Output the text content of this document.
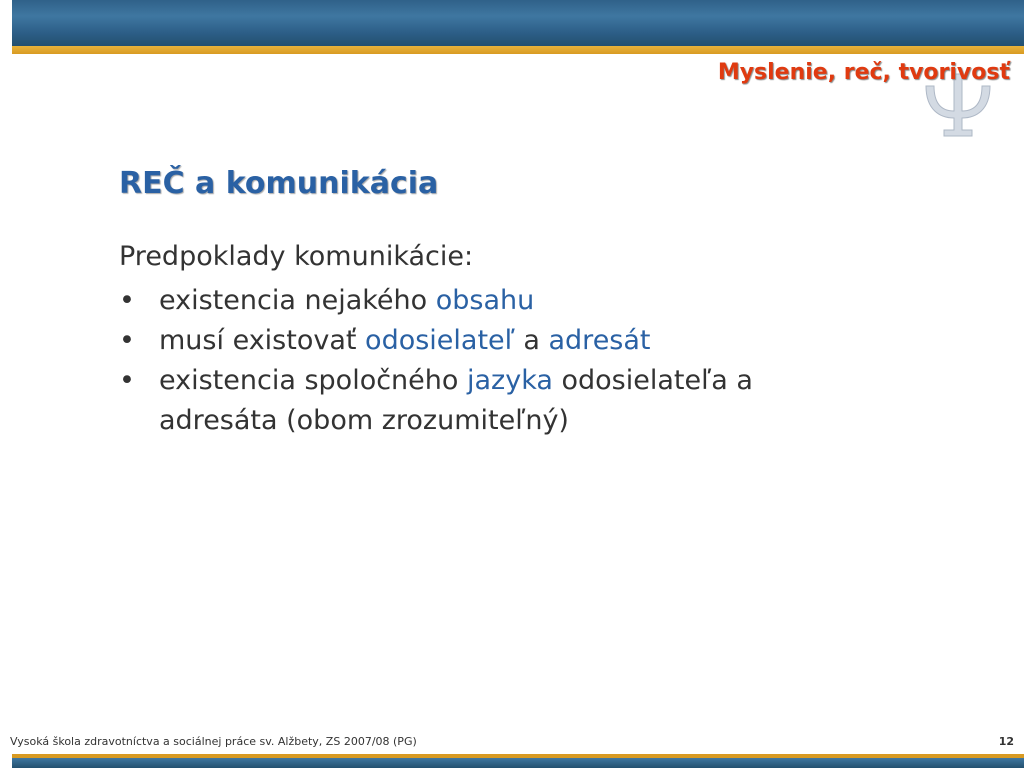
Myslenie, reč, tvorivosť
REČ a komunikácia

Predpoklady komunikácie:

• existencia nejakého obsahu
• musí existovať odosielateľ a adresát
• existencia spoločného jazyka odosielateľa a adresáta (obom zrozumiteľný)
Vysoká škola zdravotníctva a sociálnej práce sv. Alžbety, ZS 2007/08 (PG)	12
